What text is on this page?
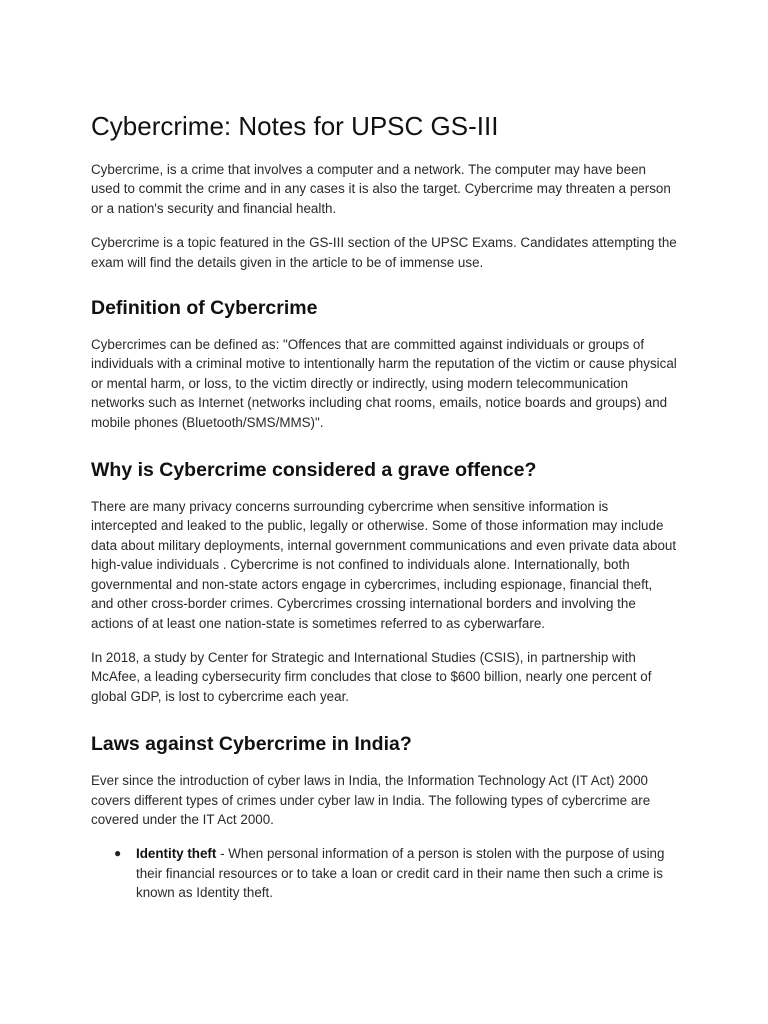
Cybercrime: Notes for UPSC GS-III

Cybercrime, is a crime that involves a computer and a network. The computer may have been used to commit the crime and in any cases it is also the target. Cybercrime may threaten a person or a nation's security and financial health.

Cybercrime is a topic featured in the GS-III section of the UPSC Exams. Candidates attempting the exam will find the details given in the article to be of immense use.

Definition of Cybercrime

Cybercrimes can be defined as: "Offences that are committed against individuals or groups of individuals with a criminal motive to intentionally harm the reputation of the victim or cause physical or mental harm, or loss, to the victim directly or indirectly, using modern telecommunication networks such as Internet (networks including chat rooms, emails, notice boards and groups) and mobile phones (Bluetooth/SMS/MMS)".

Why is Cybercrime considered a grave offence?

There are many privacy concerns surrounding cybercrime when sensitive information is intercepted and leaked to the public, legally or otherwise. Some of those information may include data about military deployments, internal government communications and even private data about high-value individuals . Cybercrime is not confined to individuals alone. Internationally, both governmental and non-state actors engage in cybercrimes, including espionage, financial theft, and other cross-border crimes. Cybercrimes crossing international borders and involving the actions of at least one nation-state is sometimes referred to as cyberwarfare.

In 2018, a study by Center for Strategic and International Studies (CSIS), in partnership with McAfee, a leading cybersecurity firm concludes that close to $600 billion, nearly one percent of global GDP, is lost to cybercrime each year.

Laws against Cybercrime in India?

Ever since the introduction of cyber laws in India, the Information Technology Act (IT Act) 2000 covers different types of crimes under cyber law in India. The following types of cybercrime are covered under the IT Act 2000.

● Identity theft - When personal information of a person is stolen with the purpose of using their financial resources or to take a loan or credit card in their name then such a crime is known as Identity theft.
